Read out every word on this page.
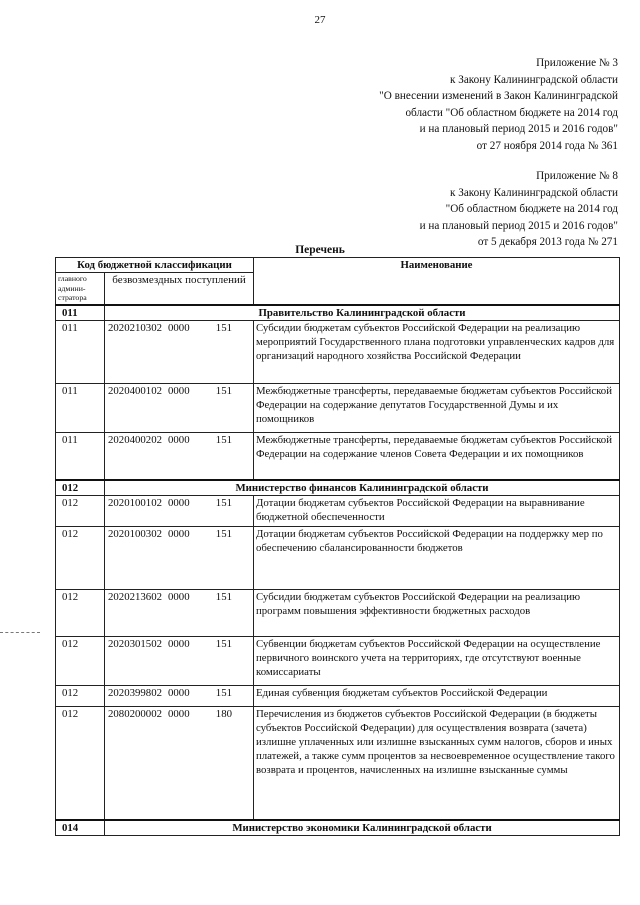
27
Приложение № 3
к Закону Калининградской области
"О внесении изменений в Закон Калининградской
области "Об областном бюджете на 2014 год
и на плановый период 2015 и 2016 годов"
от 27 ноября 2014 года № 361
Приложение № 8
к Закону Калининградской области
"Об областном бюджете на 2014 год
и на плановый период 2015 и 2016 годов"
от 5 декабря 2013 года № 271
Перечень
Код бюджетной классификации		Наименование
главного админи-стратора	безвозмездных поступлений	
011	Правительство Калининградской области	
011	2020210302 0000 151	Субсидии бюджетам субъектов Российской Федерации на реализацию мероприятий Государственного плана подготовки управленческих кадров для организаций народного хозяйства Российской Федерации
011	2020400102 0000 151	Межбюджетные трансферты, передаваемые бюджетам субъектов Российской Федерации на содержание депутатов Государственной Думы и их помощников
011	2020400202 0000 151	Межбюджетные трансферты, передаваемые бюджетам субъектов Российской Федерации на содержание членов Совета Федерации и их помощников
012	Министерство финансов Калининградской области	
012	2020100102 0000 151	Дотации бюджетам субъектов Российской Федерации на выравнивание бюджетной обеспеченности
012	2020100302 0000 151	Дотации бюджетам субъектов Российской Федерации на поддержку мер по обеспечению сбалансированности бюджетов
012	2020213602 0000 151	Субсидии бюджетам субъектов Российской Федерации на реализацию программ повышения эффективности бюджетных расходов
012	2020301502 0000 151	Субвенции бюджетам субъектов Российской Федерации на осуществление первичного воинского учета на территориях, где отсутствуют военные комиссариаты
012	2020399802 0000 151	Единая субвенция бюджетам субъектов Российской Федерации
012	2080200002 0000 180	Перечисления из бюджетов субъектов Российской Федерации (в бюджеты субъектов Российской Федерации) для осуществления возврата (зачета) излишне уплаченных или излишне взысканных сумм налогов, сборов и иных платежей, а также сумм процентов за несвоевременное осуществление такого возврата и процентов, начисленных на излишне взысканные суммы
014	Министерство экономики Калининградской области	
